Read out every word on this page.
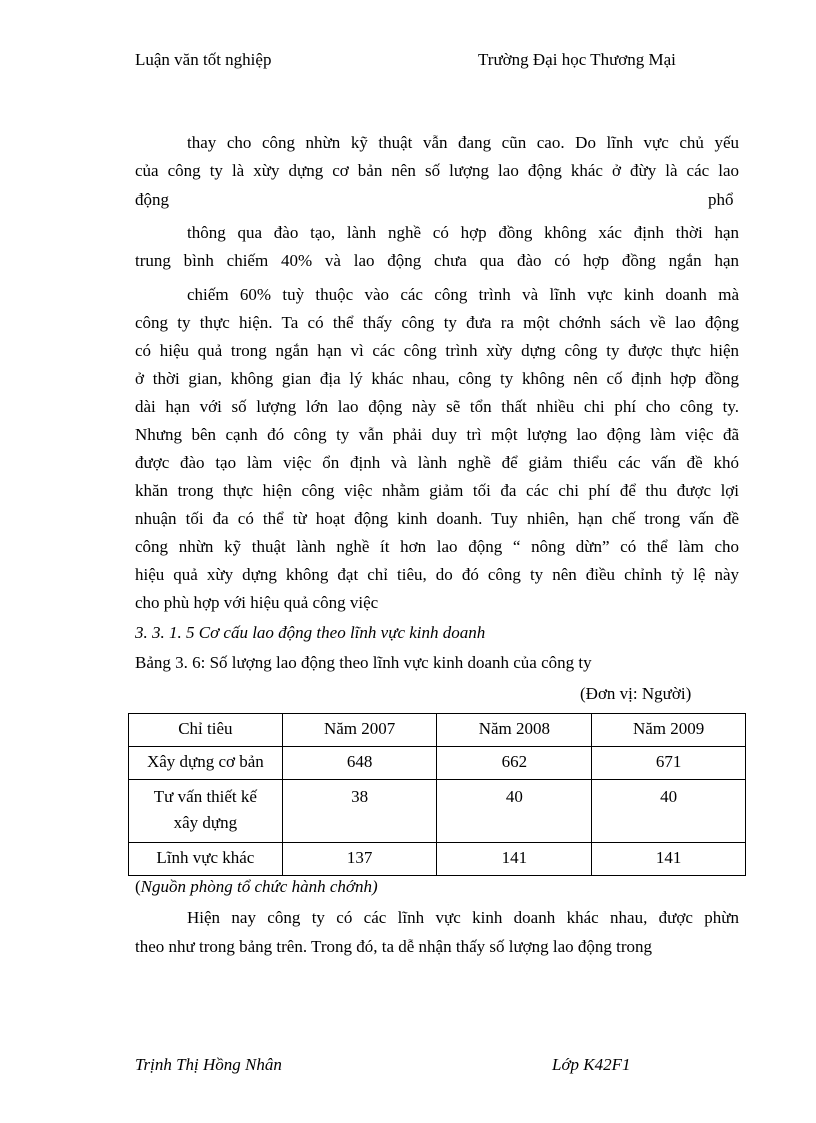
Luận văn tốt nghiệp	Trường Đại học Thương Mại
thay cho công nhừn kỹ thuật vẫn đang cũn cao. Do lĩnh vực chủ yếu
của công ty là xừy dựng cơ bản nên số lượng lao động khác ở đừy là các lao
động	phổ
thông qua đào tạo, lành nghề có hợp đồng không xác định thời hạn
trung bình chiếm 40% và lao động chưa qua đào có hợp đồng ngắn hạn
chiếm 60% tuỳ thuộc vào các công trình và lĩnh vực kinh doanh mà
công ty thực hiện. Ta có thể thấy công ty đưa ra một chớnh sách về lao động
có hiệu quả trong ngắn hạn vì các công trình xừy dựng công ty được thực hiện
ở thời gian, không gian địa lý khác nhau, công ty không nên cố định hợp đồng
dài hạn với số lượng lớn lao động này sẽ tổn thất nhiều chi phí cho công ty.
Nhưng bên cạnh đó công ty vẫn phải duy trì một lượng lao động làm việc đã
được đào tạo làm việc ổn định và lành nghề để giảm thiểu các vấn đề khó
khăn trong thực hiện công việc nhằm giảm tối đa các chi phí để thu được lợi
nhuận tối đa có thể từ hoạt động kinh doanh. Tuy nhiên, hạn chế trong vấn đề
công nhừn kỹ thuật lành nghề ít hơn lao động “ nông dừn” có thể làm cho
hiệu quả xừy dựng không đạt chỉ tiêu, do đó công ty nên điều chỉnh tỷ lệ này
cho phù hợp với hiệu quả công việc
3. 3. 1. 5 Cơ cấu lao động theo lĩnh vực kinh doanh
Bảng 3. 6: Số lượng lao động theo lĩnh vực kinh doanh của công ty
(Đơn vị: Người)
Chỉ tiêu	Năm 2007	Năm 2008	Năm 2009
Xây dựng cơ bản	648	662	671

Tư vấn thiết kế
xây dựng	38	40	40
Lĩnh vực khác	137	141	141
(Nguồn phòng tổ chức hành chớnh)
Hiện nay công ty có các lĩnh vực kinh doanh khác nhau, được phừn
theo như trong bảng trên. Trong đó, ta dễ nhận thấy số lượng lao động trong
Trịnh Thị Hồng Nhân	Lớp K42F1
